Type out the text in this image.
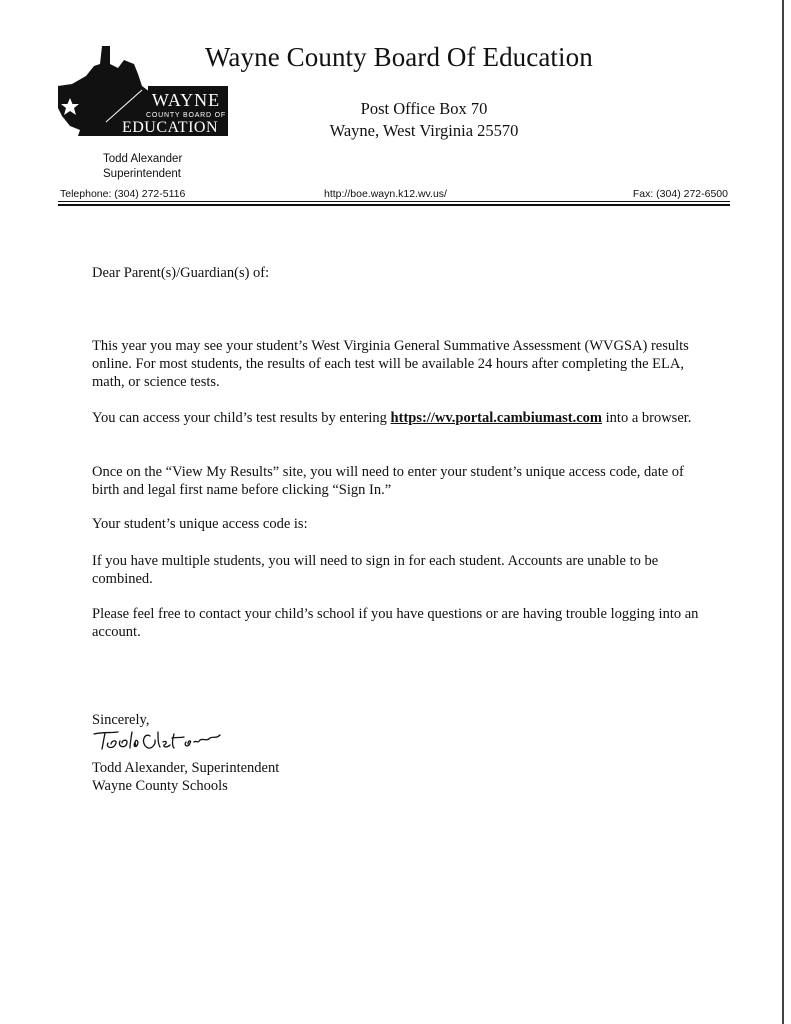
WAYNE
COUNTY BOARD OF
EDUCATION
Wayne County Board Of Education
Post Office Box 70
Wayne, West Virginia 25570
Todd Alexander
Superintendent
Telephone: (304) 272-5116	http://boe.wayn.k12.wv.us/	Fax: (304) 272-6500

Dear Parent(s)/Guardian(s) of:

This year you may see your student’s West Virginia General Summative Assessment (WVGSA) results online. For most students, the results of each test will be available 24 hours after completing the ELA, math, or science tests.

You can access your child’s test results by entering https://wv.portal.cambiumast.com into a browser.

Once on the “View My Results” site, you will need to enter your student’s unique access code, date of birth and legal first name before clicking “Sign In.”

Your student’s unique access code is:

If you have multiple students, you will need to sign in for each student. Accounts are unable to be combined.

Please feel free to contact your child’s school if you have questions or are having trouble logging into an account.

Sincerely,

Todd Alexander, Superintendent

Wayne County Schools
